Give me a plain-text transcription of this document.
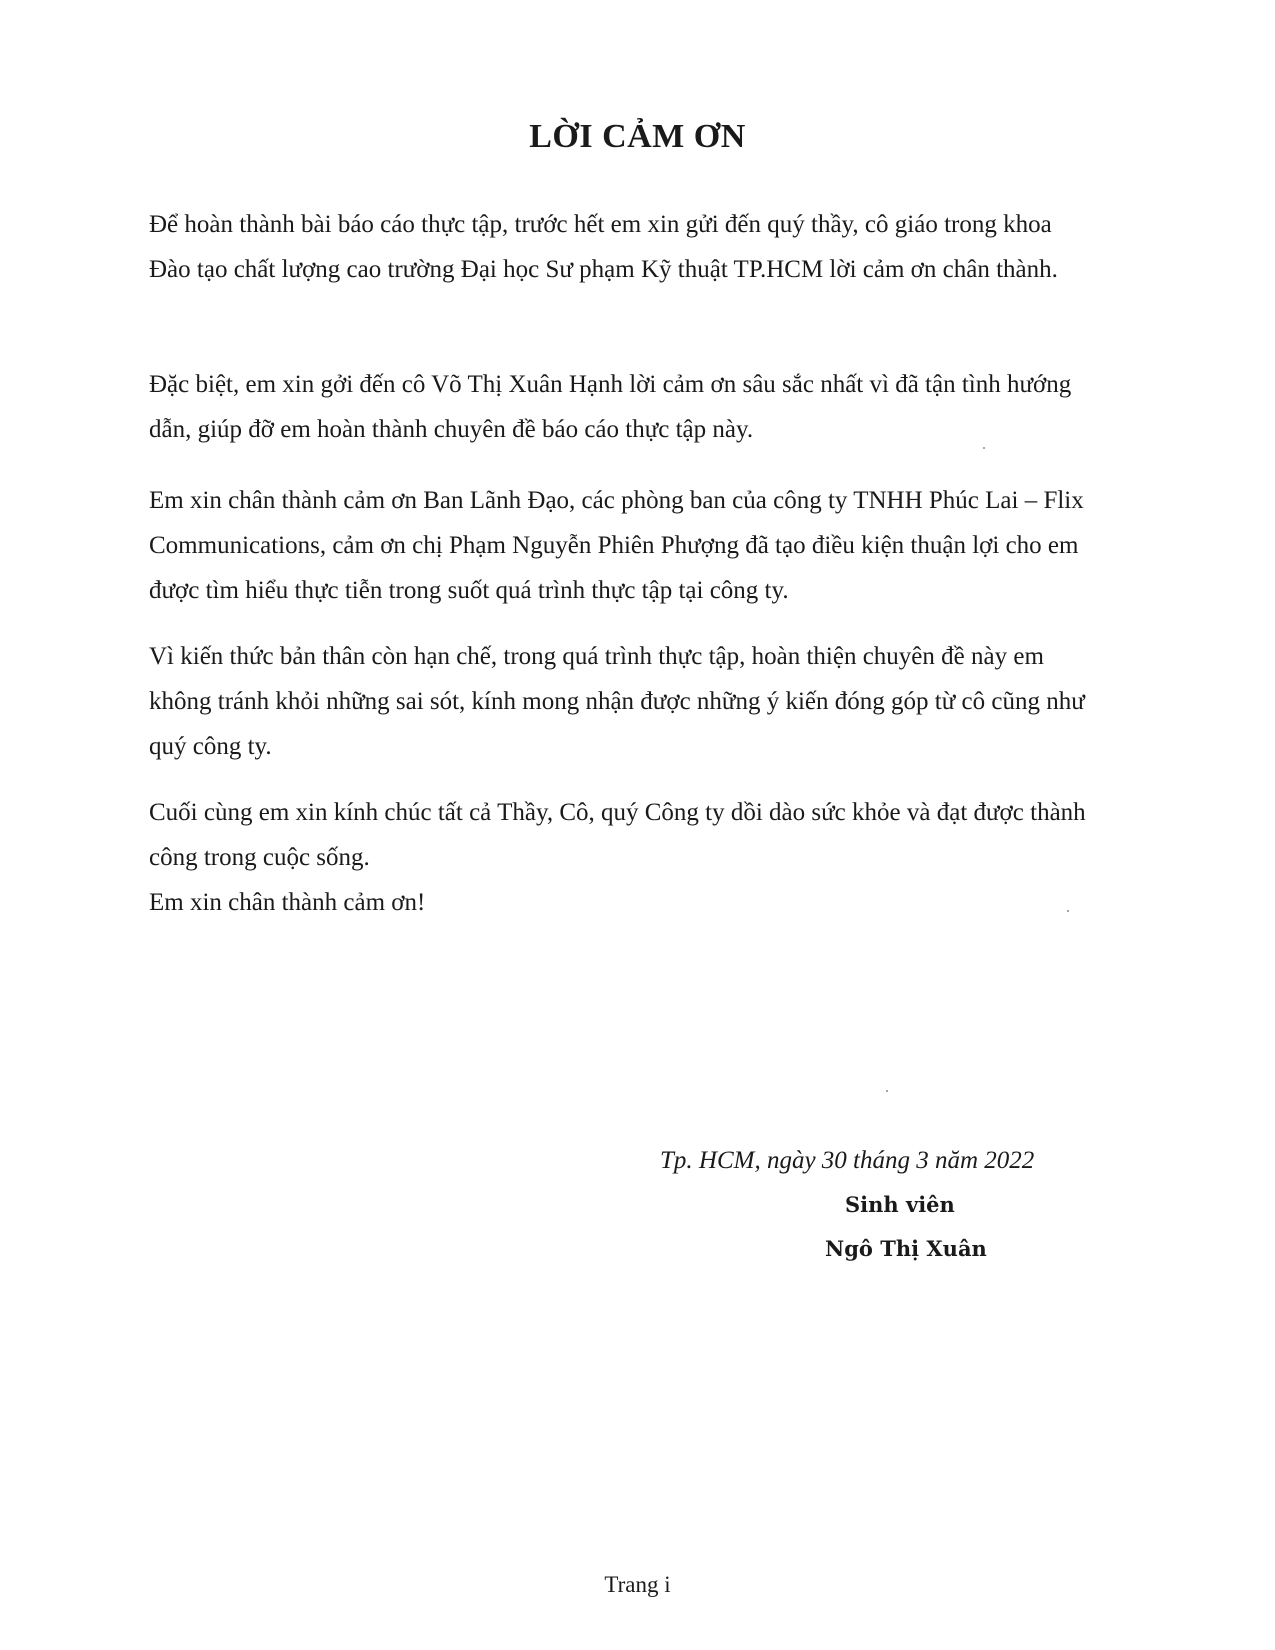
LỜI CẢM ƠN

Để hoàn thành bài báo cáo thực tập, trước hết em xin gửi đến quý thầy, cô giáo trong khoa Đào tạo chất lượng cao trường Đại học Sư phạm Kỹ thuật TP.HCM lời cảm ơn chân thành.

Đặc biệt, em xin gởi đến cô Võ Thị Xuân Hạnh lời cảm ơn sâu sắc nhất vì đã tận tình hướng dẫn, giúp đỡ em hoàn thành chuyên đề báo cáo thực tập này.

Em xin chân thành cảm ơn Ban Lãnh Đạo, các phòng ban của công ty TNHH Phúc Lai – Flix Communications, cảm ơn chị Phạm Nguyễn Phiên Phượng đã tạo điều kiện thuận lợi cho em được tìm hiểu thực tiễn trong suốt quá trình thực tập tại công ty.

Vì kiến thức bản thân còn hạn chế, trong quá trình thực tập, hoàn thiện chuyên đề này em không tránh khỏi những sai sót, kính mong nhận được những ý kiến đóng góp từ cô cũng như quý công ty.

Cuối cùng em xin kính chúc tất cả Thầy, Cô, quý Công ty dồi dào sức khỏe và đạt được thành công trong cuộc sống.
Em xin chân thành cảm ơn!

Tp. HCM, ngày 30 tháng 3 năm 2022

Sinh viên

Ngô Thị Xuân

Trang i
